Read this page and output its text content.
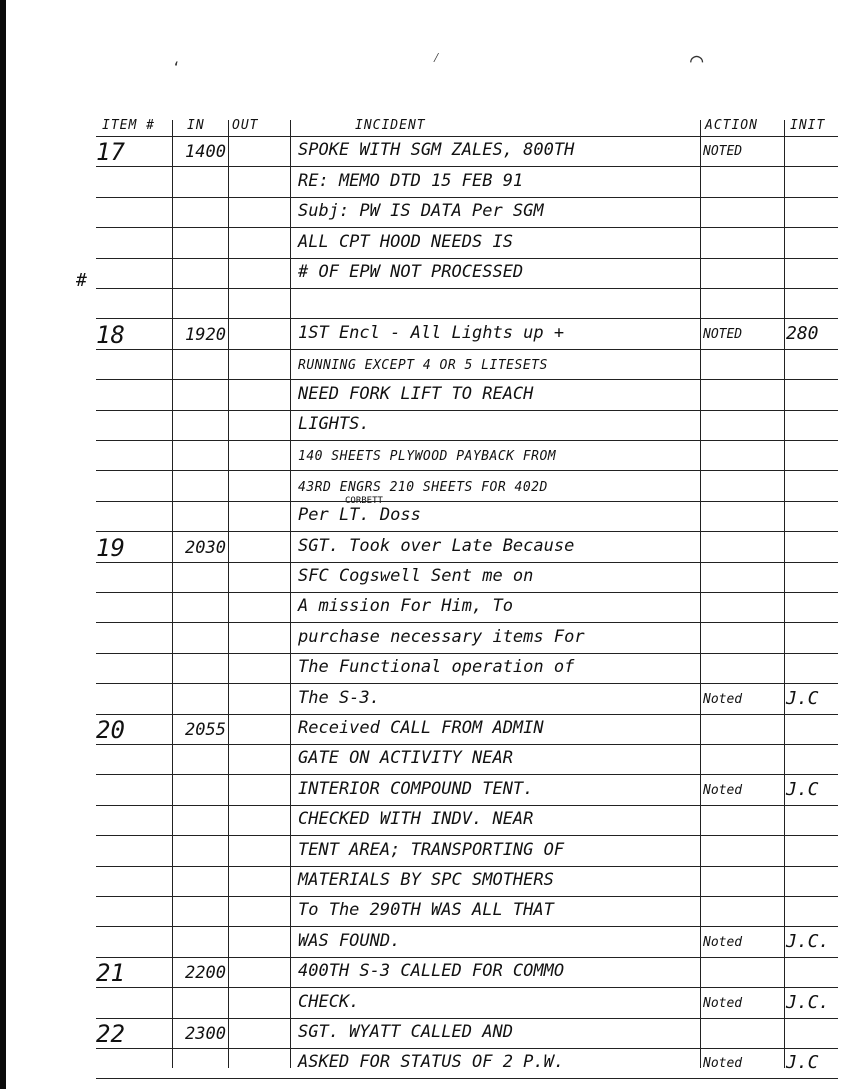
ʻ
⁄	⌒
ITEM # IN OUT	INCIDENT	ACTION INIT
17	1400	SPOKE WITH SGM ZALES, 800TH	NOTED
RE: MEMO DTD 15 FEB 91
Subj: PW IS DATA Per SGM
ALL CPT HOOD NEEDS IS
# OF EPW NOT PROCESSED
18	1920	1ST Encl - All Lights up +	NOTED 280
RUNNING EXCEPT 4 OR 5 LITESETS
NEED FORK LIFT TO REACH
LIGHTS.
140 SHEETS PLYWOOD PAYBACK FROM
43RD ENGRS 210 SHEETS FOR 402D
Per LT. Doss
19	2030	SGT. Took over Late Because
SFC Cogswell Sent me on
A mission For Him, To
purchase necessary items For
The Functional operation of
The S-3.	Noted J.C
20	2055	Received CALL FROM ADMIN
GATE ON ACTIVITY NEAR
INTERIOR COMPOUND TENT.	Noted J.C
CHECKED WITH INDV. NEAR
TENT AREA; TRANSPORTING OF
MATERIALS BY SPC SMOTHERS
To The 290TH WAS ALL THAT
WAS FOUND.	Noted J.C.
21	2200	400TH S-3 CALLED FOR COMMO
CHECK.	Noted J.C.
22	2300	SGT. WYATT CALLED AND
ASKED FOR STATUS OF 2 P.W.	Noted J.C
#
CORBETT
